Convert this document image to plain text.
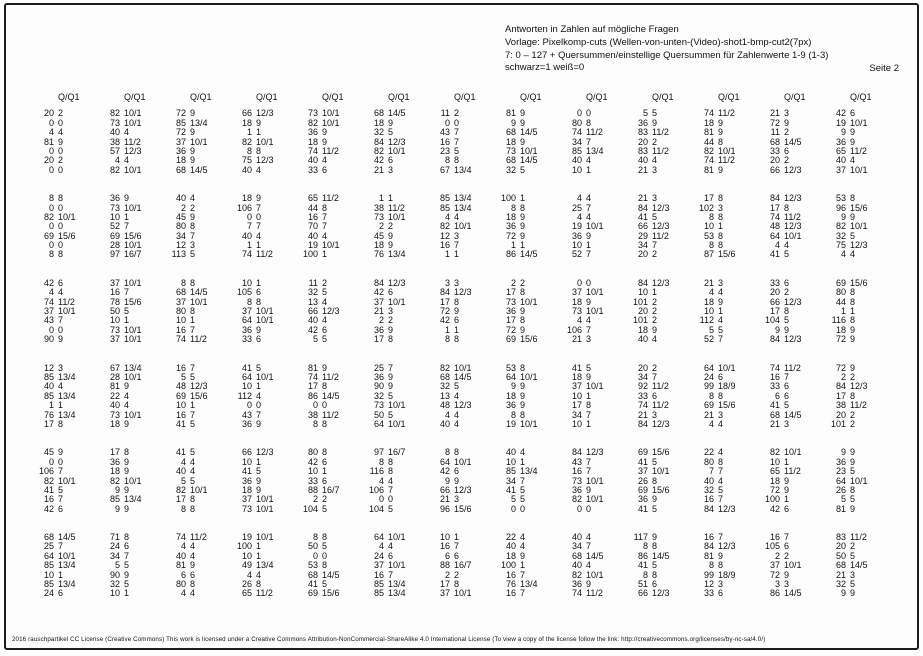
Antworten in Zahlen auf mögliche Fragen
Vorlage: Pixelkomp-cuts (Wellen-von-unten-(Video)-shot1-bmp-cut2(7px)
7: 0 – 127 + Quersummen/einstellige Quersummen für Zahlenwerte 1-9 (1-3)
schwarz=1 weiß=0	Seite 2
Q/Q1	Q/Q1	Q/Q1	Q/Q1	Q/Q1	Q/Q1	Q/Q1	Q/Q1	Q/Q1	Q/Q1	Q/Q1	Q/Q1	Q/Q1
20 2	82 10/1	72 9	66 12/3	73 10/1	68 14/5	11 2	81 9	0 0	5 5	74 11/2	21 3	42 6
0 0	73 10/1	85 13/4	18 9	82 10/1	18 9	0 0	9 9	80 8	36 9	18 9	72 9	19 10/1
4 4	40 4	72 9	1 1	36 9	32 5	43 7	68 14/5	74 11/2	83 11/2	81 9	11 2	9 9
81 9	38 11/2	37 10/1	82 10/1	18 9	84 12/3	16 7	18 9	34 7	20 2	44 8	68 14/5	36 9
0 0	57 12/3	36 9	8 8	74 11/2	82 10/1	23 5	73 10/1	85 13/4	83 11/2	82 10/1	33 6	65 11/2
20 2	4 4	18 9	75 12/3	40 4	42 6	8 8	68 14/5	40 4	40 4	74 11/2	20 2	40 4
0 0	82 10/1	68 14/5	40 4	33 6	21 3	67 13/4	32 5	10 1	21 3	81 9	66 12/3	37 10/1
8 8	36 9	40 4	18 9	65 11/2	1 1	85 13/4	100 1	4 4	21 3	17 8	84 12/3	53 8
0 0	73 10/1	2 2	106 7	44 8	38 11/2	85 13/4	8 8	25 7	84 12/3	102 3	17 8	96 15/6
82 10/1	10 1	45 9	0 0	16 7	73 10/1	4 4	18 9	4 4	41 5	8 8	74 11/2	9 9
0 0	52 7	80 8	7 7	70 7	2 2	82 10/1	36 9	19 10/1	66 12/3	10 1	48 12/3	82 10/1
69 15/6	69 15/6	34 7	40 4	40 4	45 9	12 3	72 9	36 9	29 11/2	53 8	64 10/1	32 5
0 0	28 10/1	12 3	1 1	19 10/1	18 9	16 7	1 1	10 1	34 7	8 8	4 4	75 12/3
8 8	97 16/7	113 5	74 11/2	100 1	76 13/4	1 1	86 14/5	52 7	20 2	87 15/6	41 5	4 4
42 6	37 10/1	8 8	10 1	11 2	84 12/3	3 3	2 2	0 0	84 12/3	21 3	33 6	69 15/6
4 4	16 7	68 14/5	105 6	32 5	42 6	84 12/3	17 8	37 10/1	10 1	4 4	20 2	80 8
74 11/2	78 15/6	37 10/1	8 8	13 4	37 10/1	17 8	73 10/1	18 9	101 2	18 9	66 12/3	44 8
37 10/1	50 5	80 8	37 10/1	66 12/3	21 3	72 9	36 9	73 10/1	20 2	10 1	17 8	1 1
43 7	10 1	10 1	64 10/1	40 4	2 2	42 6	17 8	4 4	101 2	112 4	104 5	116 8
0 0	73 10/1	16 7	36 9	42 6	36 9	1 1	72 9	106 7	18 9	5 5	9 9	18 9
90 9	37 10/1	74 11/2	33 6	5 5	17 8	8 8	69 15/6	21 3	40 4	52 7	84 12/3	72 9
12 3	67 13/4	16 7	41 5	81 9	25 7	82 10/1	53 8	41 5	20 2	64 10/1	74 11/2	72 9
85 13/4	28 10/1	5 5	64 10/1	74 11/2	36 9	68 14/5	64 10/1	18 9	34 7	24 6	16 7	2 2
40 4	81 9	48 12/3	10 1	17 8	90 9	32 5	9 9	37 10/1	92 11/2	99 18/9	33 6	84 12/3
85 13/4	22 4	69 15/6	112 4	86 14/5	32 5	13 4	18 9	10 1	33 6	8 8	6 6	17 8
1 1	40 4	10 1	0 0	0 0	73 10/1	48 12/3	36 9	17 8	74 11/2	69 15/6	41 5	38 11/2
76 13/4	73 10/1	16 7	43 7	38 11/2	50 5	4 4	8 8	34 7	21 3	21 3	68 14/5	20 2
17 8	18 9	41 5	36 9	8 8	64 10/1	40 4	19 10/1	10 1	84 12/3	4 4	21 3	101 2
45 9	17 8	41 5	66 12/3	80 8	97 16/7	8 8	40 4	84 12/3	69 15/6	22 4	82 10/1	9 9
0 0	36 9	4 4	10 1	42 6	8 8	64 10/1	10 1	43 7	41 5	80 8	10 1	36 9
106 7	18 9	40 4	41 5	10 1	116 8	42 6	85 13/4	16 7	37 10/1	7 7	65 11/2	23 5
82 10/1	82 10/1	5 5	36 9	33 6	4 4	9 9	34 7	73 10/1	26 8	40 4	18 9	64 10/1
41 5	9 9	82 10/1	18 9	88 16/7	106 7	66 12/3	41 5	36 9	69 15/6	32 5	72 9	26 8
16 7	85 13/4	17 8	37 10/1	2 2	0 0	21 3	5 5	82 10/1	36 9	16 7	100 1	5 5
42 6	9 9	8 8	73 10/1	104 5	104 5	96 15/6	0 0	0 0	41 5	84 12/3	42 6	81 9
68 14/5	71 8	74 11/2	19 10/1	8 8	64 10/1	10 1	22 4	40 4	117 9	16 7	16 7	83 11/2
25 7	24 6	4 4	100 1	50 5	4 4	16 7	40 4	34 7	8 8	84 12/3	105 6	20 2
64 10/1	34 7	40 4	10 1	0 0	24 6	6 6	18 9	68 14/5	86 14/5	81 9	2 2	50 5
85 13/4	5 5	81 9	49 13/4	53 8	37 10/1	88 16/7	100 1	40 4	41 5	8 8	37 10/1	68 14/5
10 1	90 9	6 6	4 4	68 14/5	16 7	2 2	16 7	82 10/1	8 8	99 18/9	72 9	21 3
85 13/4	32 5	80 8	26 8	41 5	85 13/4	17 8	76 13/4	36 9	51 6	12 3	3 3	32 5
24 6	10 1	4 4	65 11/2	69 15/6	85 13/4	37 10/1	16 7	74 11/2	66 12/3	33 6	86 14/5	9 9
2016 rauschpartikel CC License (Creative Commons) This work is licensed under a Creative Commons Attribution-NonCommercial-ShareAlike 4.0 International License (To view a copy of the license follow the link: http://creativecommons.org/licenses/by-nc-sa/4.0/)
